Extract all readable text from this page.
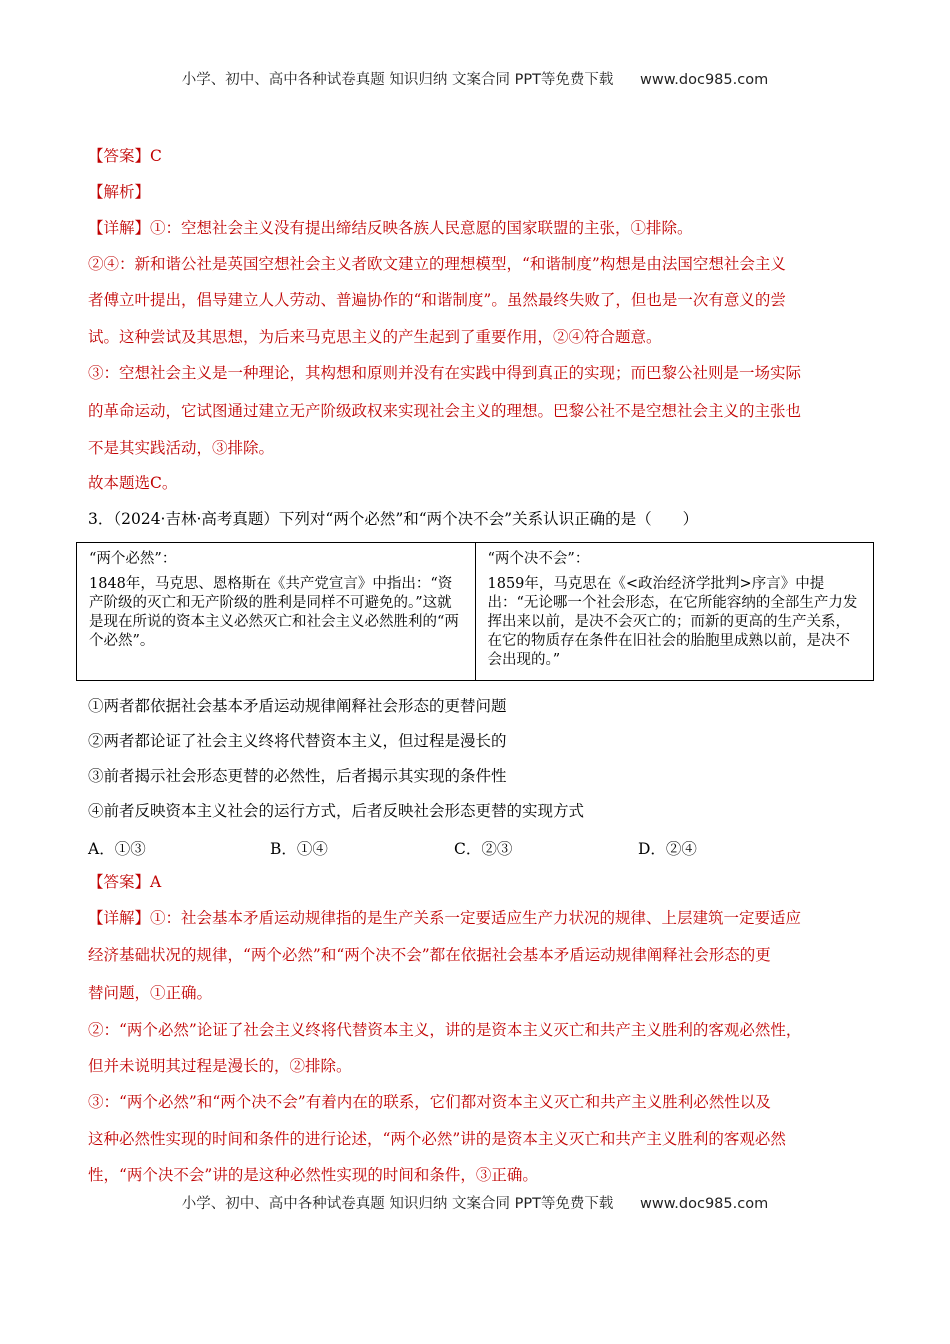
小学、初中、高中各种试卷真题 知识归纳 文案合同 PPT等免费下载 www.doc985.com
【答案】C
【解析】
【详解】①：空想社会主义没有提出缔结反映各族人民意愿的国家联盟的主张，①排除。
②④：新和谐公社是英国空想社会主义者欧文建立的理想模型，“和谐制度”构想是由法国空想社会主义
者傅立叶提出，倡导建立人人劳动、普遍协作的“和谐制度”。虽然最终失败了，但也是一次有意义的尝
试。这种尝试及其思想，为后来马克思主义的产生起到了重要作用，②④符合题意。
③：空想社会主义是一种理论，其构想和原则并没有在实践中得到真正的实现；而巴黎公社则是一场实际
的革命运动，它试图通过建立无产阶级政权来实现社会主义的理想。巴黎公社不是空想社会主义的主张也
不是其实践活动，③排除。
故本题选C。
3．（2024·吉林·高考真题）下列对“两个必然”和“两个决不会”关系认识正确的是（　　）
“两个必然”：
1848年，马克思、恩格斯在《共产党宣言》中指出：“资产阶级的灭亡和无产阶级的胜利是同样不可避免的。”这就是现在所说的资本主义必然灭亡和社会主义必然胜利的“两个必然”。

“两个决不会”：
1859年，马克思在《<政治经济学批判>序言》中提出：“无论哪一个社会形态，在它所能容纳的全部生产力发挥出来以前，是决不会灭亡的；而新的更高的生产关系，在它的物质存在条件在旧社会的胎胞里成熟以前，是决不会出现的。”
①两者都依据社会基本矛盾运动规律阐释社会形态的更替问题
②两者都论证了社会主义终将代替资本主义，但过程是漫长的
③前者揭示社会形态更替的必然性，后者揭示其实现的条件性
④前者反映资本主义社会的运行方式，后者反映社会形态更替的实现方式
A．①③	B．①④	C．②③	D．②④
【答案】A
【详解】①：社会基本矛盾运动规律指的是生产关系一定要适应生产力状况的规律、上层建筑一定要适应
经济基础状况的规律，“两个必然”和“两个决不会”都在依据社会基本矛盾运动规律阐释社会形态的更
替问题，①正确。
②：“两个必然”论证了社会主义终将代替资本主义，讲的是资本主义灭亡和共产主义胜利的客观必然性，
但并未说明其过程是漫长的，②排除。
③：“两个必然”和“两个决不会”有着内在的联系，它们都对资本主义灭亡和共产主义胜利必然性以及
这种必然性实现的时间和条件的进行论述，“两个必然”讲的是资本主义灭亡和共产主义胜利的客观必然
性，“两个决不会”讲的是这种必然性实现的时间和条件，③正确。
小学、初中、高中各种试卷真题 知识归纳 文案合同 PPT等免费下载 www.doc985.com
